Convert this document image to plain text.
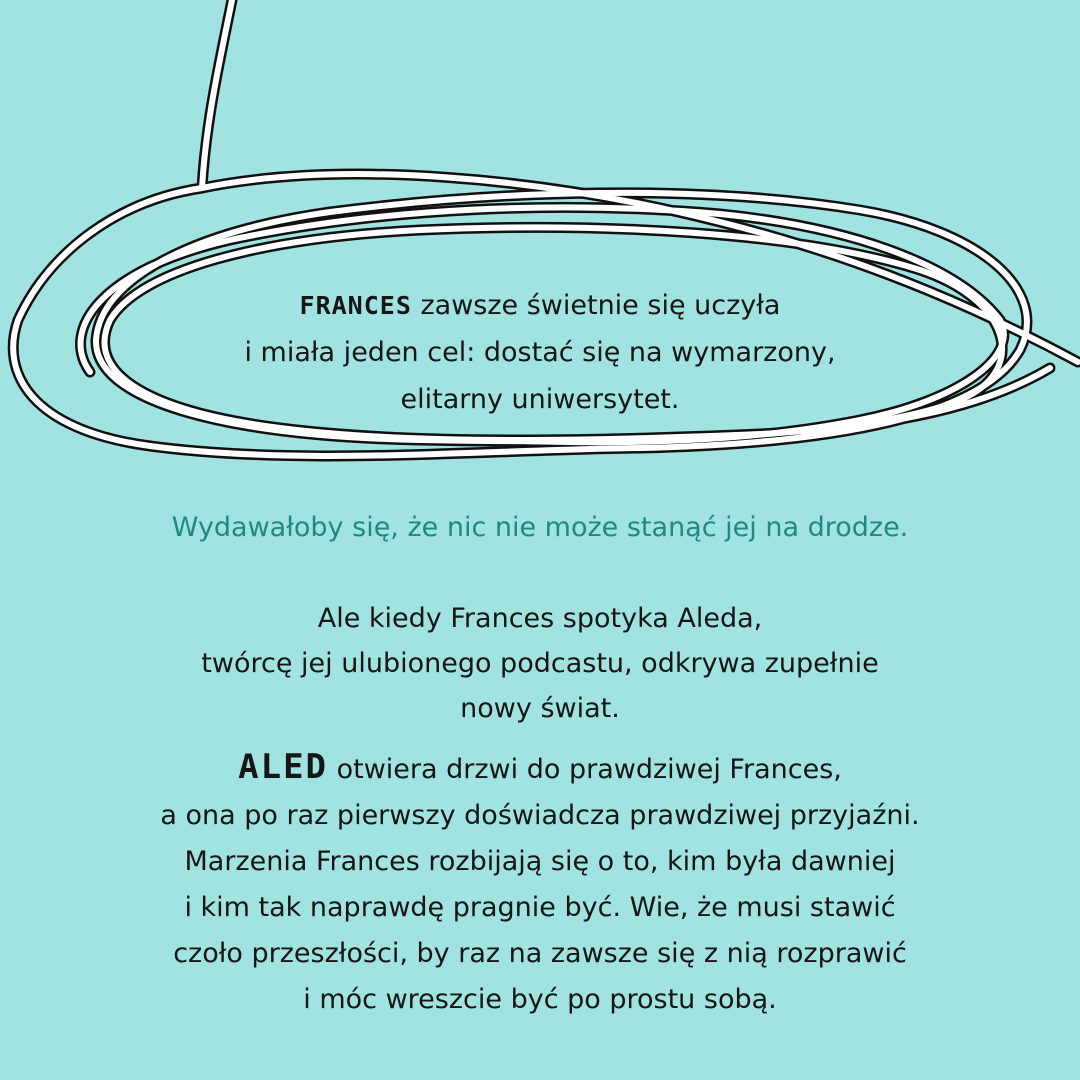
FRANCES zawsze świetnie się uczyła
i miała jeden cel: dostać się na wymarzony,
elitarny uniwersytet.
Wydawałoby się, że nic nie może stanąć jej na drodze.
Ale kiedy Frances spotyka Aleda,
twórcę jej ulubionego podcastu, odkrywa zupełnie
nowy świat.
ALED otwiera drzwi do prawdziwej Frances,
a ona po raz pierwszy doświadcza prawdziwej przyjaźni.
Marzenia Frances rozbijają się o to, kim była dawniej
i kim tak naprawdę pragnie być. Wie, że musi stawić
czoło przeszłości, by raz na zawsze się z nią rozprawić
i móc wreszcie być po prostu sobą.
